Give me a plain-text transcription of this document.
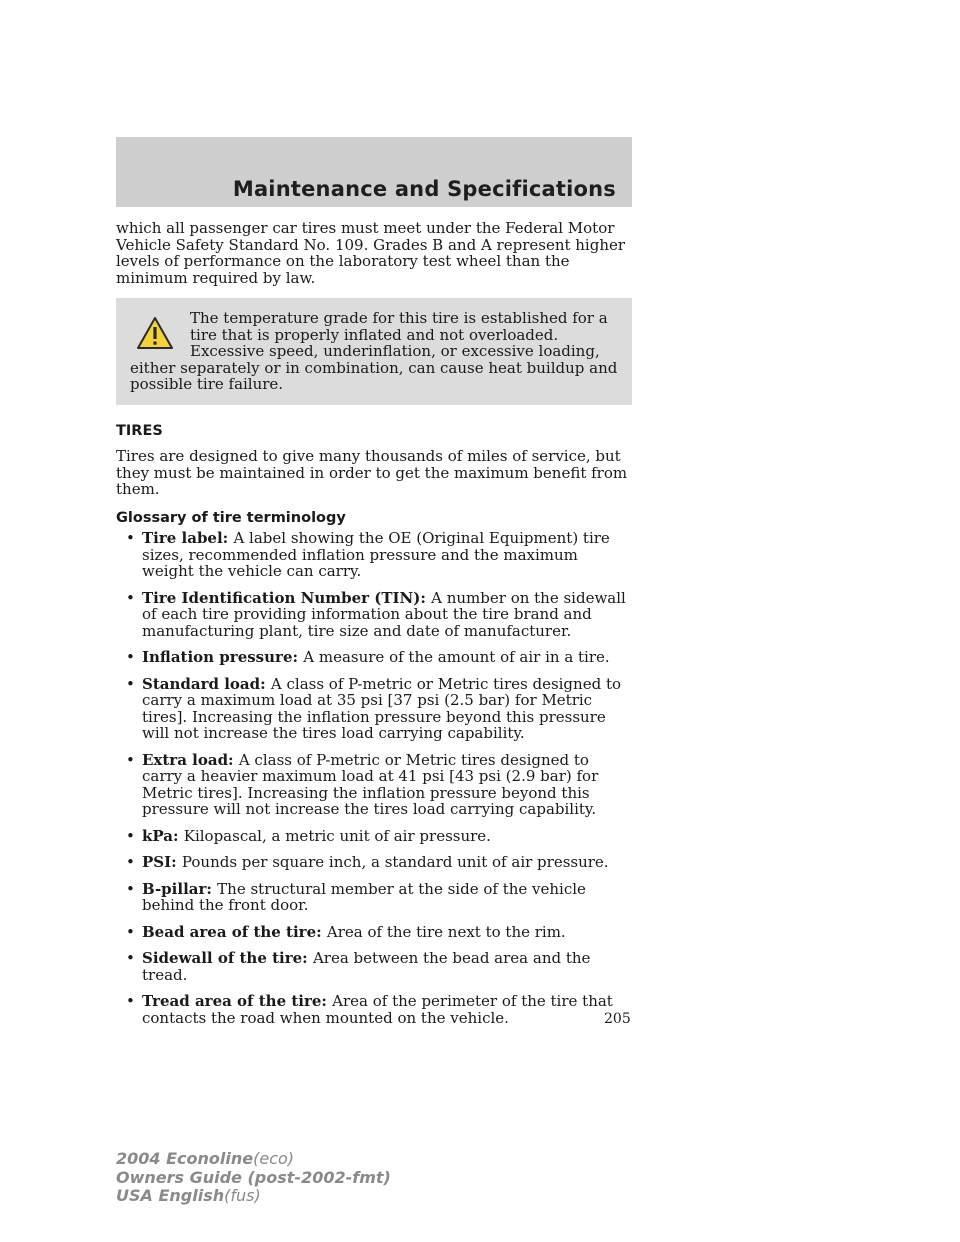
Maintenance and Specifications

which all passenger car tires must meet under the Federal Motor Vehicle Safety Standard No. 109. Grades B and A represent higher levels of performance on the laboratory test wheel than the minimum required by law.

The temperature grade for this tire is established for a tire that is properly inflated and not overloaded. Excessive speed, underinflation, or excessive loading, either separately or in combination, can cause heat buildup and possible tire failure.
TIRES

Tires are designed to give many thousands of miles of service, but they must be maintained in order to get the maximum benefit from them.

Glossary of tire terminology
• Tire label: A label showing the OE (Original Equipment) tire sizes, recommended inflation pressure and the maximum weight the vehicle can carry.
• Tire Identification Number (TIN): A number on the sidewall of each tire providing information about the tire brand and manufacturing plant, tire size and date of manufacturer.
• Inflation pressure: A measure of the amount of air in a tire.
• Standard load: A class of P-metric or Metric tires designed to carry a maximum load at 35 psi [37 psi (2.5 bar) for Metric tires]. Increasing the inflation pressure beyond this pressure will not increase the tires load carrying capability.
• Extra load: A class of P-metric or Metric tires designed to carry a heavier maximum load at 41 psi [43 psi (2.9 bar) for Metric tires]. Increasing the inflation pressure beyond this pressure will not increase the tires load carrying capability.
• kPa: Kilopascal, a metric unit of air pressure.
• PSI: Pounds per square inch, a standard unit of air pressure.
• B-pillar: The structural member at the side of the vehicle behind the front door.
• Bead area of the tire: Area of the tire next to the rim.
• Sidewall of the tire: Area between the bead area and the tread.
• Tread area of the tire: Area of the perimeter of the tire that contacts the road when mounted on the vehicle.	205
2004 Econoline(eco)
Owners Guide (post-2002-fmt)
USA English(fus)
